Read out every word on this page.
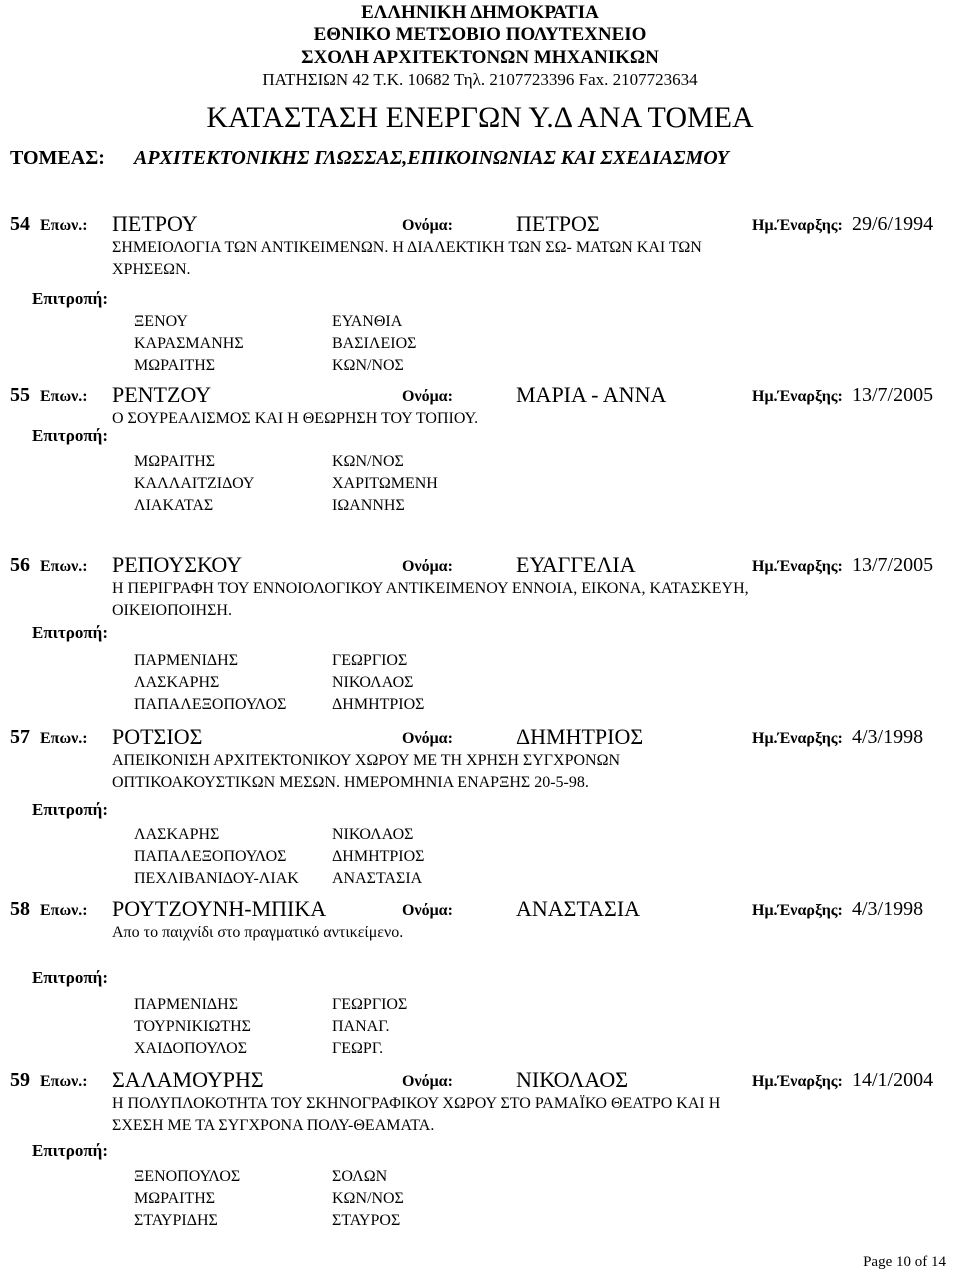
ΕΛΛΗΝΙΚΗ ΔΗΜΟΚΡΑΤΙΑ
ΕΘΝΙΚΟ ΜΕΤΣΟΒΙΟ ΠΟΛΥΤΕΧΝΕΙΟ
ΣΧΟΛΗ ΑΡΧΙΤΕΚΤΟΝΩΝ ΜΗΧΑΝΙΚΩΝ
ΠΑΤΗΣΙΩΝ 42 Τ.Κ. 10682 Τηλ. 2107723396 Fax. 2107723634
ΚΑΤΑΣΤΑΣΗ ΕΝΕΡΓΩΝ Υ.Δ ΑΝΑ ΤΟΜΕΑ
ΤΟΜΕΑΣ: ΑΡΧΙΤΕΚΤΟΝΙΚΗΣ ΓΛΩΣΣΑΣ,ΕΠΙΚΟΙΝΩΝΙΑΣ ΚΑΙ ΣΧΕΔΙΑΣΜΟΥ
54 Επων.: ΠΕΤΡΟΥ	Ονόμα:	ΠΕΤΡΟΣ	Ημ.Έναρξης: 29/6/1994
ΣΗΜΕΙΟΛΟΓΙΑ ΤΩΝ ΑΝΤΙΚΕΙΜΕΝΩΝ. Η ΔΙΑΛΕΚΤΙΚΗ ΤΩΝ ΣΩ- ΜΑΤΩΝ ΚΑΙ ΤΩΝ
ΧΡΗΣΕΩΝ.
Επιτροπή:
ΞΕΝΟΥ	ΕΥΑΝΘΙΑ
ΚΑΡΑΣΜΑΝΗΣ	ΒΑΣΙΛΕΙΟΣ
ΜΩΡΑΙΤΗΣ	ΚΩΝ/ΝΟΣ
55 Επων.: ΡΕΝΤΖΟΥ	Ονόμα:	ΜΑΡΙΑ - ΑΝΝΑ	Ημ.Έναρξης: 13/7/2005
Ο ΣΟΥΡΕΑΛΙΣΜΟΣ ΚΑΙ Η ΘΕΩΡΗΣΗ ΤΟΥ ΤΟΠΙΟΥ.
Επιτροπή:
ΜΩΡΑΙΤΗΣ	ΚΩΝ/ΝΟΣ
ΚΑΛΛΑΙΤΖΙΔΟΥ	ΧΑΡΙΤΩΜΕΝΗ
ΛΙΑΚΑΤΑΣ	ΙΩΑΝΝΗΣ
56 Επων.: ΡΕΠΟΥΣΚΟΥ	Ονόμα:	ΕΥΑΓΓΕΛΙΑ	Ημ.Έναρξης: 13/7/2005
Η ΠΕΡΙΓΡΑΦΗ ΤΟΥ ΕΝΝΟΙΟΛΟΓΙΚΟΥ ΑΝΤΙΚΕΙΜΕΝΟΥ ΕΝΝΟΙΑ, ΕΙΚΟΝΑ, ΚΑΤΑΣΚΕΥΗ,
ΟΙΚΕΙΟΠΟΙΗΣΗ.
Επιτροπή:
ΠΑΡΜΕΝΙΔΗΣ	ΓΕΩΡΓΙΟΣ
ΛΑΣΚΑΡΗΣ	ΝΙΚΟΛΑΟΣ
ΠΑΠΑΛΕΞΟΠΟΥΛΟΣ	ΔΗΜΗΤΡΙΟΣ
57 Επων.: ΡΟΤΣΙΟΣ	Ονόμα:	ΔΗΜΗΤΡΙΟΣ	Ημ.Έναρξης: 4/3/1998
ΑΠΕΙΚΟΝΙΣΗ ΑΡΧΙΤΕΚΤΟΝΙΚΟΥ ΧΩΡΟΥ ΜΕ ΤΗ ΧΡΗΣΗ ΣΥΓΧΡΟΝΩΝ
ΟΠΤΙΚΟΑΚΟΥΣΤΙΚΩΝ ΜΕΣΩΝ. ΗΜΕΡΟΜΗΝΙΑ ΕΝΑΡΞΗΣ 20-5-98.
Επιτροπή:
ΛΑΣΚΑΡΗΣ	ΝΙΚΟΛΑΟΣ
ΠΑΠΑΛΕΞΟΠΟΥΛΟΣ	ΔΗΜΗΤΡΙΟΣ
ΠΕΧΛΙΒΑΝΙΔΟΥ-ΛΙΑΚ ΑΝΑΣΤΑΣΙΑ
58 Επων.: ΡΟΥΤΖΟΥΝΗ-ΜΠΙΚΑ	Ονόμα:	ΑΝΑΣΤΑΣΙΑ	Ημ.Έναρξης: 4/3/1998
Απο το παιχνίδι στο πραγματικό αντικείμενο.
Επιτροπή:
ΠΑΡΜΕΝΙΔΗΣ	ΓΕΩΡΓΙΟΣ
ΤΟΥΡΝΙΚΙΩΤΗΣ	ΠΑΝΑΓ.
ΧΑΙΔΟΠΟΥΛΟΣ	ΓΕΩΡΓ.
59 Επων.: ΣΑΛΑΜΟΥΡΗΣ	Ονόμα:	ΝΙΚΟΛΑΟΣ	Ημ.Έναρξης: 14/1/2004
Η ΠΟΛΥΠΛΟΚΟΤΗΤΑ ΤΟΥ ΣΚΗΝΟΓΡΑΦΙΚΟΥ ΧΩΡΟΥ ΣΤΟ ΡΑΜΑΪΚΟ ΘΕΑΤΡΟ ΚΑΙ Η
ΣΧΕΣΗ ΜΕ ΤΑ ΣΥΓΧΡΟΝΑ ΠΟΛΥ-ΘΕΑΜΑΤΑ.
Επιτροπή:
ΞΕΝΟΠΟΥΛΟΣ	ΣΟΛΩΝ
ΜΩΡΑΙΤΗΣ	ΚΩΝ/ΝΟΣ
ΣΤΑΥΡΙΔΗΣ	ΣΤΑΥΡΟΣ
Page 10 of 14
